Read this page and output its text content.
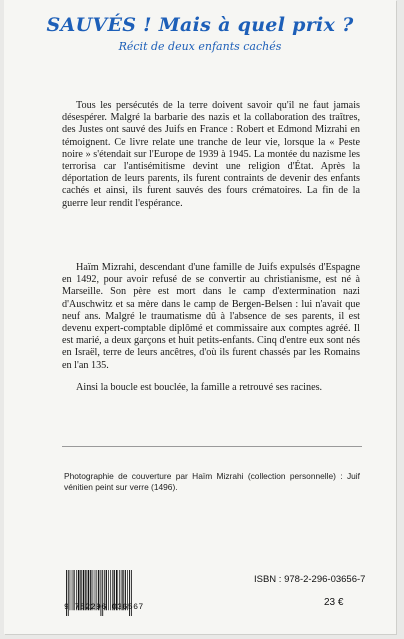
SAUVÉS ! Mais à quel prix ?
Récit de deux enfants cachés

Tous les persécutés de la terre doivent savoir qu'il ne faut jamais désespérer. Malgré la barbarie des nazis et la collaboration des traîtres, des Justes ont sauvé des Juifs en France : Robert et Edmond Mizrahi en témoignent. Ce livre relate une tranche de leur vie, lorsque la « Peste noire » s'étendait sur l'Europe de 1939 à 1945. La montée du nazisme les terrorisa car l'antisémitisme devint une religion d'État. Après la déportation de leurs parents, ils furent contraints de devenir des enfants cachés et ainsi, ils furent sauvés des fours crématoires. La fin de la guerre leur rendit l'espérance.

Haïm Mizrahi, descendant d'une famille de Juifs expulsés d'Espagne en 1492, pour avoir refusé de se convertir au christianisme, est né à Marseille. Son père est mort dans le camp d'extermination nazi d'Auschwitz et sa mère dans le camp de Bergen-Belsen : lui n'avait que neuf ans. Malgré le traumatisme dû à l'absence de ses parents, il est devenu expert-comptable diplômé et commissaire aux comptes agréé. Il est marié, a deux garçons et huit petits-enfants. Cinq d'entre eux sont nés en Israël, terre de leurs ancêtres, d'où ils furent chassés par les Romains en l'an 135.

Ainsi la boucle est bouclée, la famille a retrouvé ses racines.

Photographie de couverture par Haïm Mizrahi (collection personnelle) : Juif vénitien peint sur verre (1496).

9 782296 036567
ISBN : 978-2-296-03656-7
23 €
